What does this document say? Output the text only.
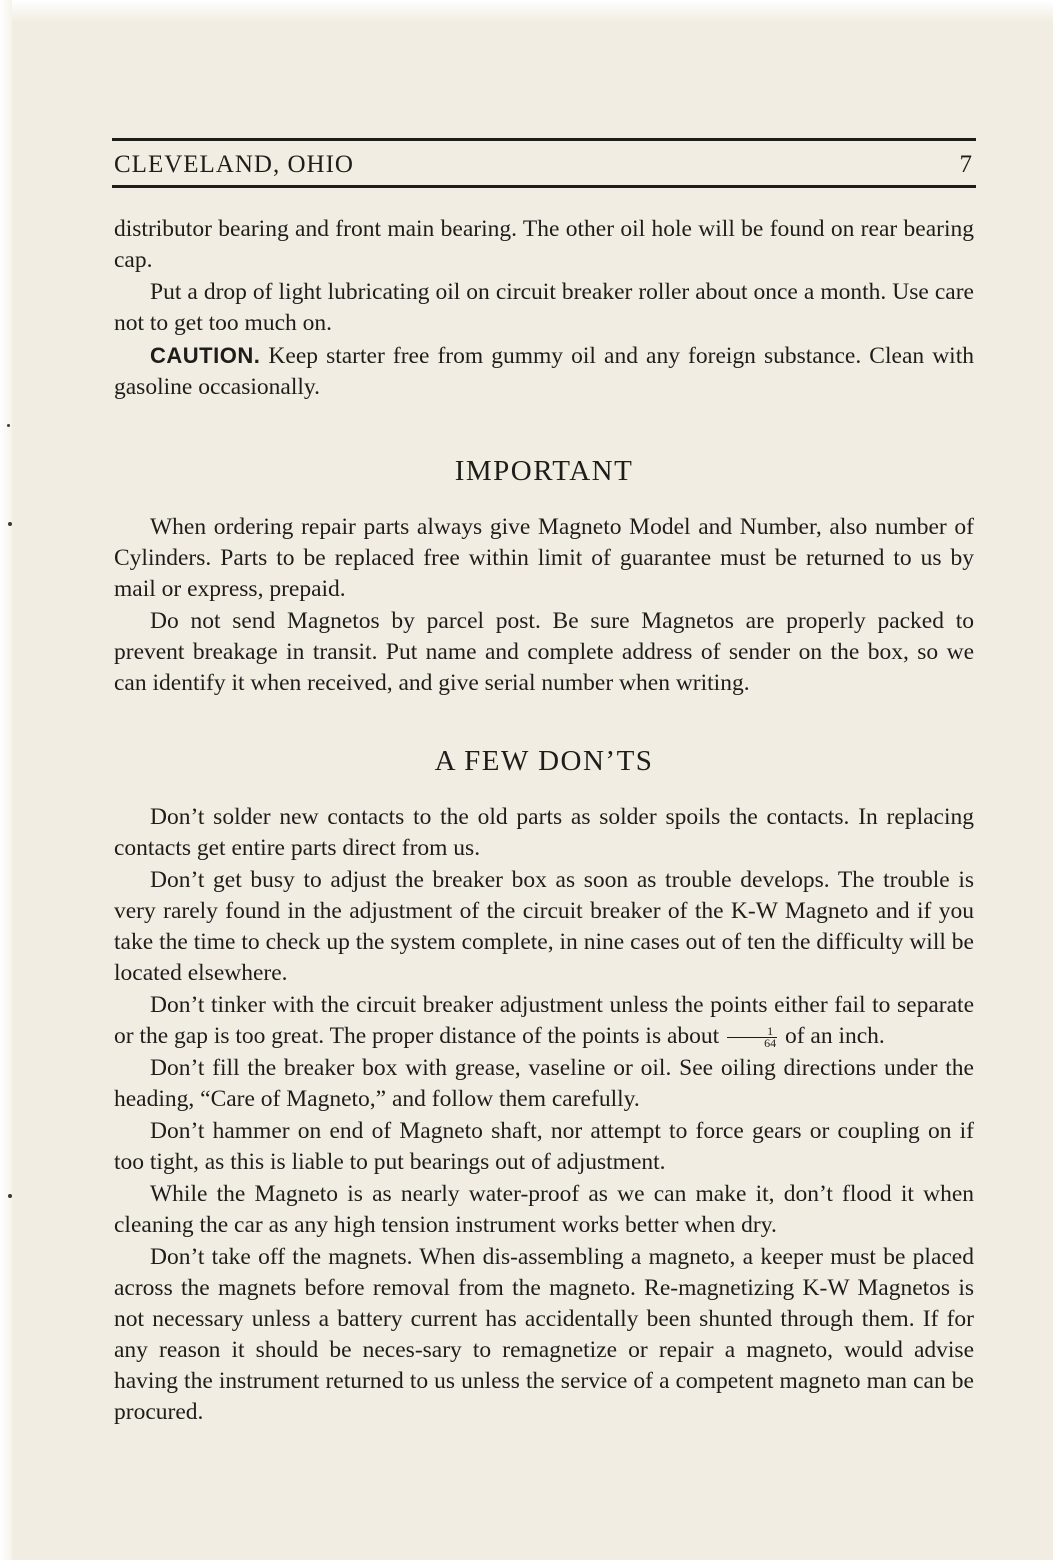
CLEVELAND, OHIO	7

distributor bearing and front main bearing. The other oil hole will be found on rear bearing cap.

Put a drop of light lubricating oil on circuit breaker roller about once a month. Use care not to get too much on.

CAUTION. Keep starter free from gummy oil and any foreign substance. Clean with gasoline occasionally.

IMPORTANT

When ordering repair parts always give Magneto Model and Number, also number of Cylinders. Parts to be replaced free within limit of guarantee must be returned to us by mail or express, prepaid.

Do not send Magnetos by parcel post. Be sure Magnetos are properly packed to prevent breakage in transit. Put name and complete address of sender on the box, so we can identify it when received, and give serial number when writing.

A FEW DON’TS

Don’t solder new contacts to the old parts as solder spoils the contacts. In replacing contacts get entire parts direct from us.

Don’t get busy to adjust the breaker box as soon as trouble develops. The trouble is very rarely found in the adjustment of the circuit breaker of the K-W Magneto and if you take the time to check up the system complete, in nine cases out of ten the difficulty will be located elsewhere.

Don’t tinker with the circuit breaker adjustment unless the points either fail to separate or the gap is too great. The proper distance of the points is about $\frac{1}{64}$ of an inch.

Don’t fill the breaker box with grease, vaseline or oil. See oiling directions under the heading, “Care of Magneto,” and follow them carefully.

Don’t hammer on end of Magneto shaft, nor attempt to force gears or coupling on if too tight, as this is liable to put bearings out of adjustment.

While the Magneto is as nearly water-proof as we can make it, don’t flood it when cleaning the car as any high tension instrument works better when dry.

Don’t take off the magnets. When dis-assembling a magneto, a keeper must be placed across the magnets before removal from the magneto. Re-magnetizing K-W Magnetos is not necessary unless a battery current has accidentally been shunted through them. If for any reason it should be neces-sary to remagnetize or repair a magneto, would advise having the instrument returned to us unless the service of a competent magneto man can be procured.
